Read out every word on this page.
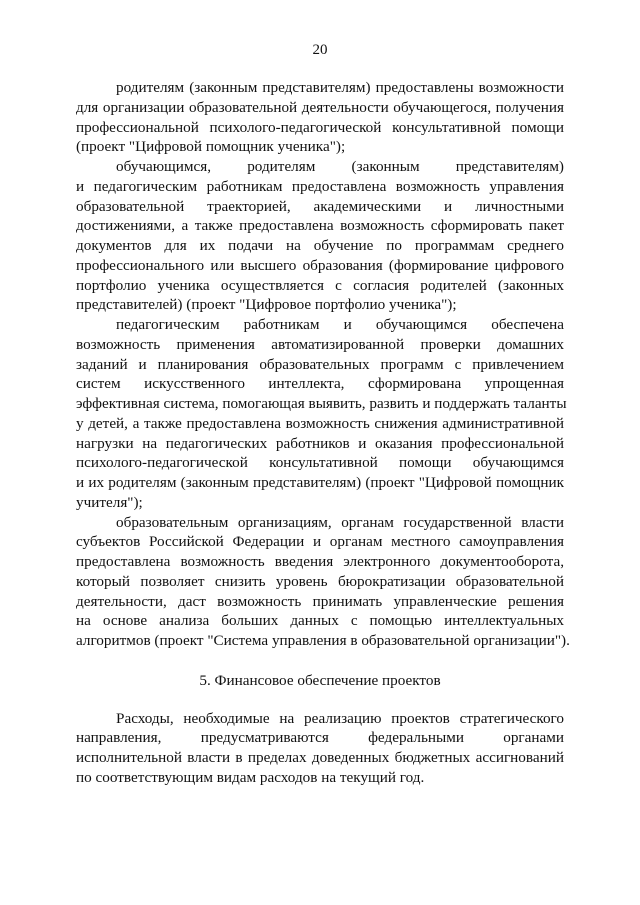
20
родителям (законным представителям) предоставлены возможности
для организации образовательной деятельности обучающегося, получения
профессиональной психолого-педагогической консультативной помощи
(проект "Цифровой помощник ученика");
обучающимся, родителям (законным представителям)
и педагогическим работникам предоставлена возможность управления
образовательной траекторией, академическими и личностными
достижениями, а также предоставлена возможность сформировать пакет
документов для их подачи на обучение по программам среднего
профессионального или высшего образования (формирование цифрового
портфолио ученика осуществляется с согласия родителей (законных
представителей) (проект "Цифровое портфолио ученика");
педагогическим работникам и обучающимся обеспечена
возможность применения автоматизированной проверки домашних
заданий и планирования образовательных программ с привлечением
систем искусственного интеллекта, сформирована упрощенная
эффективная система, помогающая выявить, развить и поддержать таланты
у детей, а также предоставлена возможность снижения административной
нагрузки на педагогических работников и оказания профессиональной
психолого-педагогической консультативной помощи обучающимся
и их родителям (законным представителям) (проект "Цифровой помощник
учителя");
образовательным организациям, органам государственной власти
субъектов Российской Федерации и органам местного самоуправления
предоставлена возможность введения электронного документооборота,
который позволяет снизить уровень бюрократизации образовательной
деятельности, даст возможность принимать управленческие решения
на основе анализа больших данных с помощью интеллектуальных
алгоритмов (проект "Система управления в образовательной организации").
5. Финансовое обеспечение проектов
Расходы, необходимые на реализацию проектов стратегического
направления, предусматриваются федеральными органами
исполнительной власти в пределах доведенных бюджетных ассигнований
по соответствующим видам расходов на текущий год.
